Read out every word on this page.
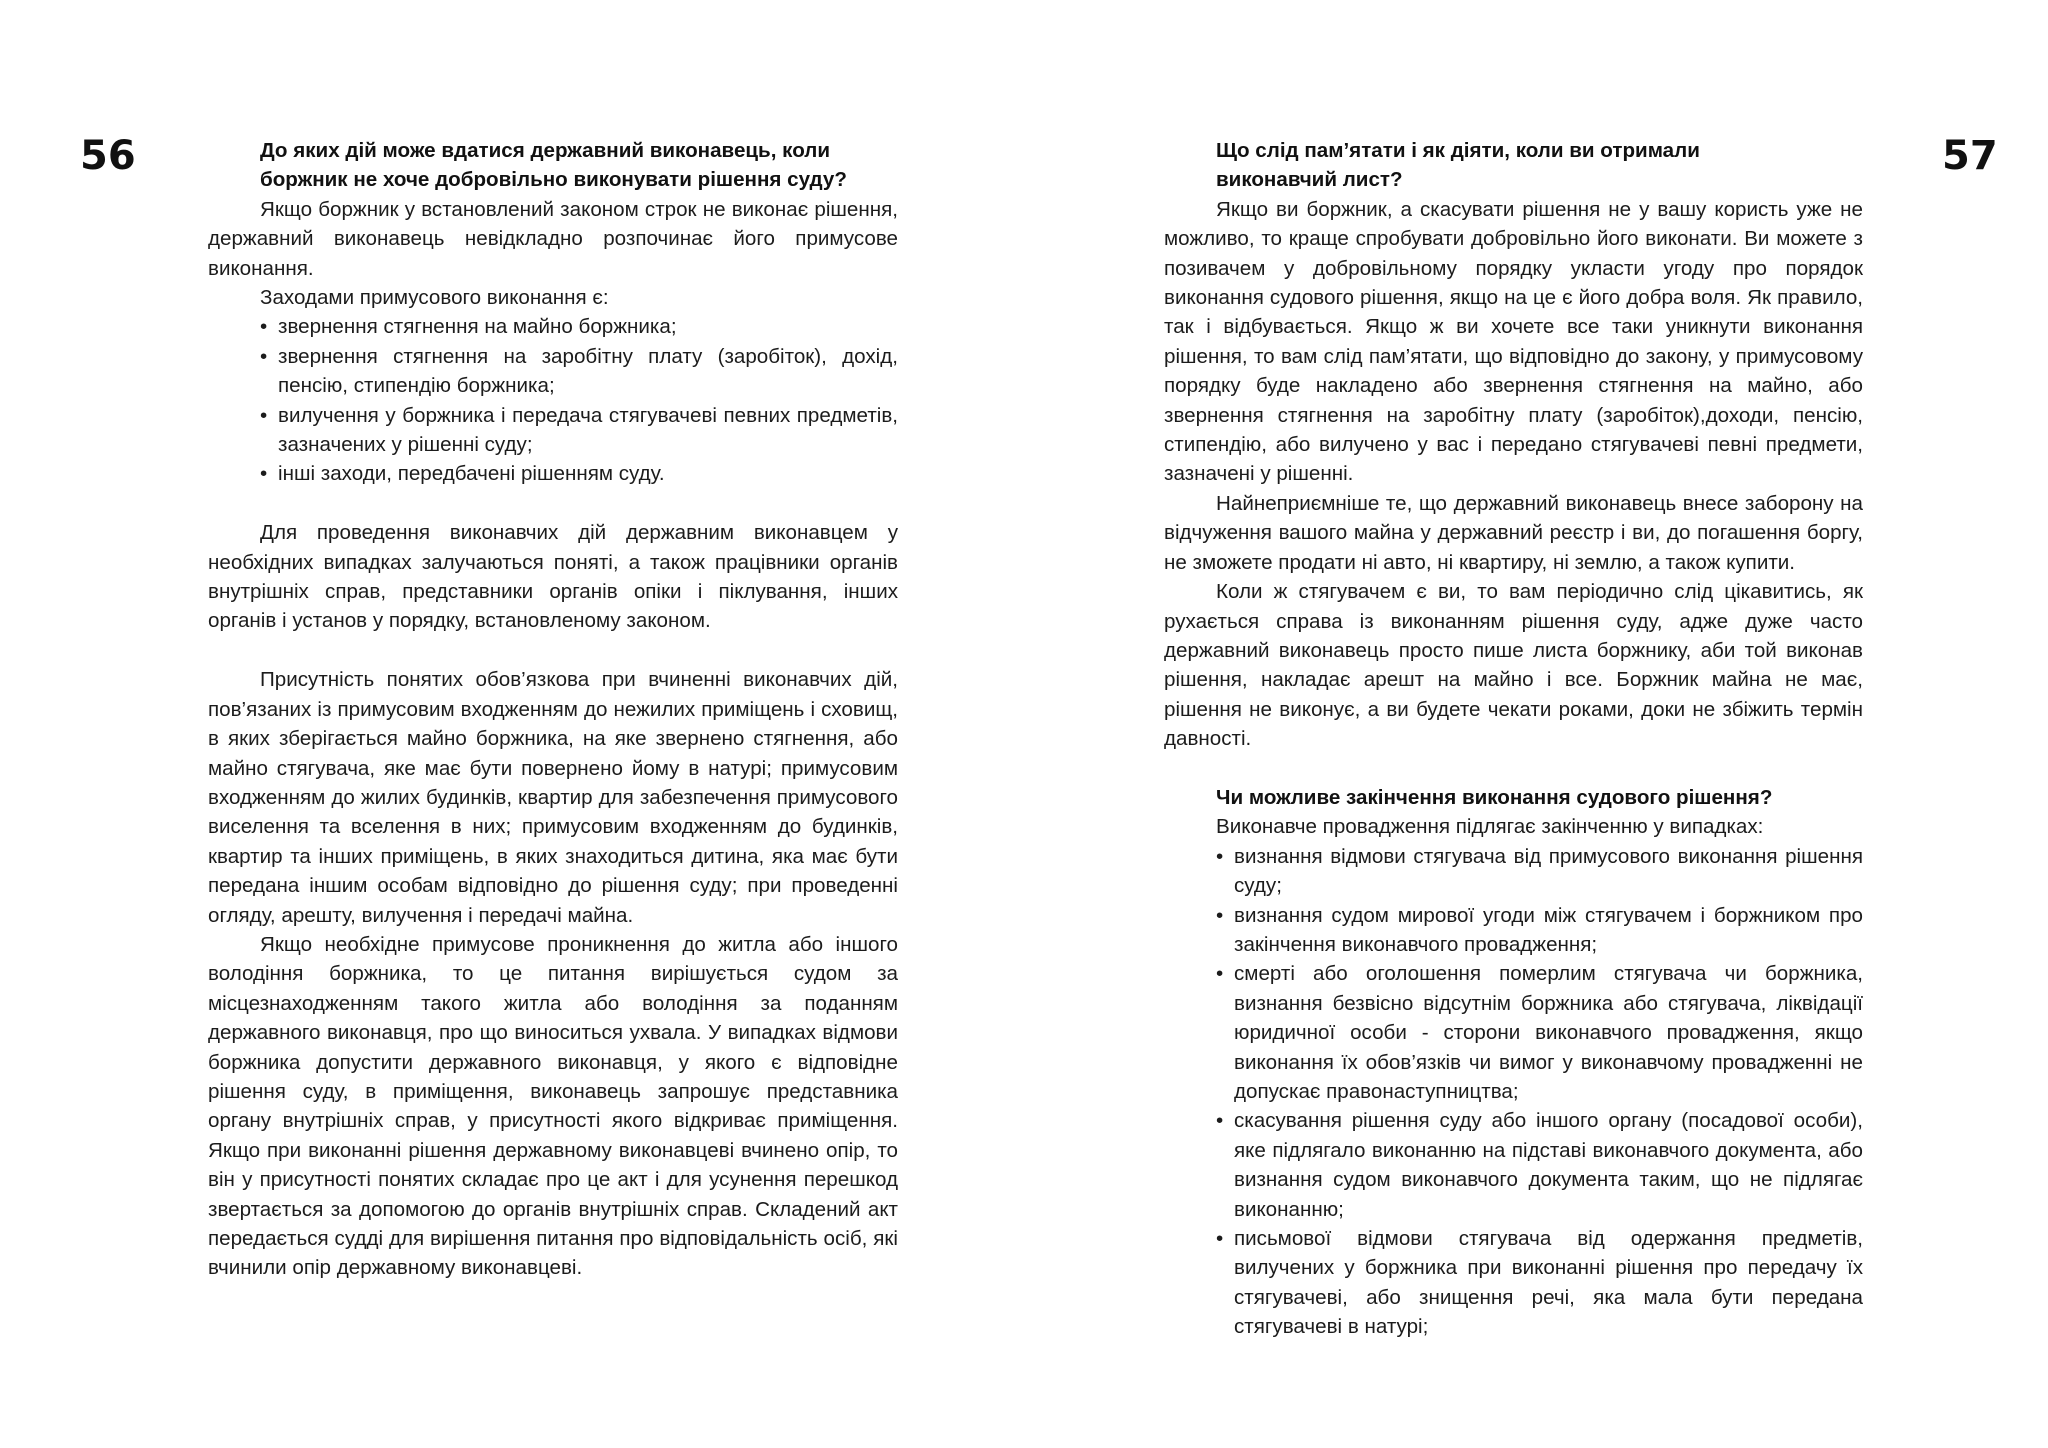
56	57

До яких дій може вдатися державний виконавець, коли

боржник не хоче добровільно виконувати рішення суду?

Якщо боржник у встановлений законом строк не виконає рішення, державний виконавець невідкладно розпочинає його примусове виконання.

Заходами примусового виконання є:

• звернення стягнення на майно боржника;
• звернення стягнення на заробітну плату (заробіток), дохід, пенсію, стипендію боржника;
• вилучення у боржника і передача стягувачеві певних предметів, зазначених у рішенні суду;
• інші заходи, передбачені рішенням суду.

Для проведення виконавчих дій державним виконавцем у необхідних випадках залучаються поняті, а також працівники органів внутрішніх справ, представники органів опіки і піклування, інших органів і установ у порядку, встановленому законом.

Присутність понятих обов’язкова при вчиненні виконавчих дій, пов’язаних із примусовим входженням до нежилих приміщень і сховищ, в яких зберігається майно боржника, на яке звернено стягнення, або майно стягувача, яке має бути повернено йому в натурі; примусовим входженням до жилих будинків, квартир для забезпечення примусового виселення та вселення в них; примусовим входженням до будинків, квартир та інших приміщень, в яких знаходиться дитина, яка має бути передана іншим особам відповідно до рішення суду; при проведенні огляду, арешту, вилучення і передачі майна.

Якщо необхідне примусове проникнення до житла або іншого володіння боржника, то це питання вирішується судом за місцезнаходженням такого житла або володіння за поданням державного виконавця, про що виноситься ухвала. У випадках відмови боржника допустити державного виконавця, у якого є відповідне рішення суду, в приміщення, виконавець запрошує представника органу внутрішніх справ, у присутності якого відкриває приміщення. Якщо при виконанні рішення державному виконавцеві вчинено опір, то він у присутності понятих складає про це акт і для усунення перешкод звертається за допомогою до органів внутрішніх справ. Складений акт передається судді для вирішення питання про відповідальність осіб, які вчинили опір державному виконавцеві.

Що слід пам’ятати і як діяти, коли ви отримали

виконавчий лист?

Якщо ви боржник, а скасувати рішення не у вашу користь уже не можливо, то краще спробувати добровільно його виконати. Ви можете з позивачем у добровільному порядку укласти угоду про порядок виконання судового рішення, якщо на це є його добра воля. Як правило, так і відбувається. Якщо ж ви хочете все таки уникнути виконання рішення, то вам слід пам’ятати, що відповідно до закону, у примусовому порядку буде накладено або звернення стягнення на майно, або звернення стягнення на заробітну плату (заробіток),доходи, пенсію, стипендію, або вилучено у вас і передано стягувачеві певні предмети, зазначені у рішенні.

Найнеприємніше те, що державний виконавець внесе заборону на відчуження вашого майна у державний реєстр і ви, до погашення боргу, не зможете продати ні авто, ні квартиру, ні землю, а також купити.

Коли ж стягувачем є ви, то вам періодично слід цікавитись, як рухається справа із виконанням рішення суду, адже дуже часто державний виконавець просто пише листа боржнику, аби той виконав рішення, накладає арешт на майно і все. Боржник майна не має, рішення не виконує, а ви будете чекати роками, доки не збіжить термін давності.

Чи можливе закінчення виконання судового рішення?

Виконавче провадження підлягає закінченню у випадках:

• визнання відмови стягувача від примусового виконання рішення суду;
• визнання судом мирової угоди між стягувачем і боржником про закінчення виконавчого провадження;
• смерті або оголошення померлим стягувача чи боржника, визнання безвісно відсутнім боржника або стягувача, ліквідації юридичної особи - сторони виконавчого провадження, якщо виконання їх обов’язків чи вимог у виконавчому провадженні не допускає правонаступництва;
• скасування рішення суду або іншого органу (посадової особи), яке підлягало виконанню на підставі виконавчого документа, або визнання судом виконавчого документа таким, що не підлягає виконанню;
• письмової відмови стягувача від одержання предметів, вилучених у боржника при виконанні рішення про передачу їх стягувачеві, або знищення речі, яка мала бути передана стягувачеві в натурі;
